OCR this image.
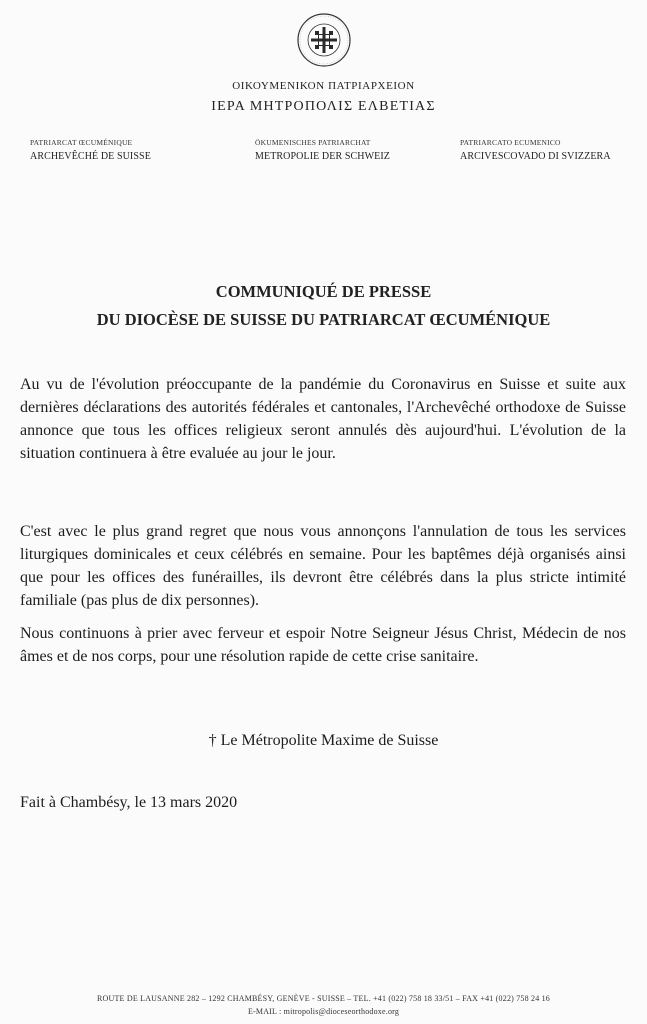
ΟΙΚΟΥΜΕΝΙΚΟΝ ΠΑΤΡΙΑΡΧΕΙΟΝ
ΙΕΡΑ ΜΗΤΡΟΠΟΛΙΣ ΕΛΒΕΤΙΑΣ
PATRIARCAT ŒCUMÉNIQUE
ARCHEVÊCHÉ DE SUISSE
ÖKUMENISCHES PATRIARCHAT
METROPOLIE DER SCHWEIZ
PATRIARCATO ECUMENICO
ARCIVESCOVADO DI SVIZZERA
COMMUNIQUÉ DE PRESSE
DU DIOCÈSE DE SUISSE DU PATRIARCAT ŒCUMÉNIQUE

Au vu de l'évolution préoccupante de la pandémie du Coronavirus en Suisse et suite aux dernières déclarations des autorités fédérales et cantonales, l'Archevêché orthodoxe de Suisse annonce que tous les offices religieux seront annulés dès aujourd'hui. L'évolution de la situation continuera à être evaluée au jour le jour.

C'est avec le plus grand regret que nous vous annonçons l'annulation de tous les services liturgiques dominicales et ceux célébrés en semaine. Pour les baptêmes déjà organisés ainsi que pour les offices des funérailles, ils devront être célébrés dans la plus stricte intimité familiale (pas plus de dix personnes).

Nous continuons à prier avec ferveur et espoir Notre Seigneur Jésus Christ, Médecin de nos âmes et de nos corps, pour une résolution rapide de cette crise sanitaire.

† Le Métropolite Maxime de Suisse
Fait à Chambésy, le 13 mars 2020
ROUTE DE LAUSANNE 282 – 1292 CHAMBÉSY, GENÈVE - SUISSE – TEL. +41 (022) 758 18 33/51 – FAX +41 (022) 758 24 16
E-MAIL : mitropolis@dioceseorthodoxe.org
